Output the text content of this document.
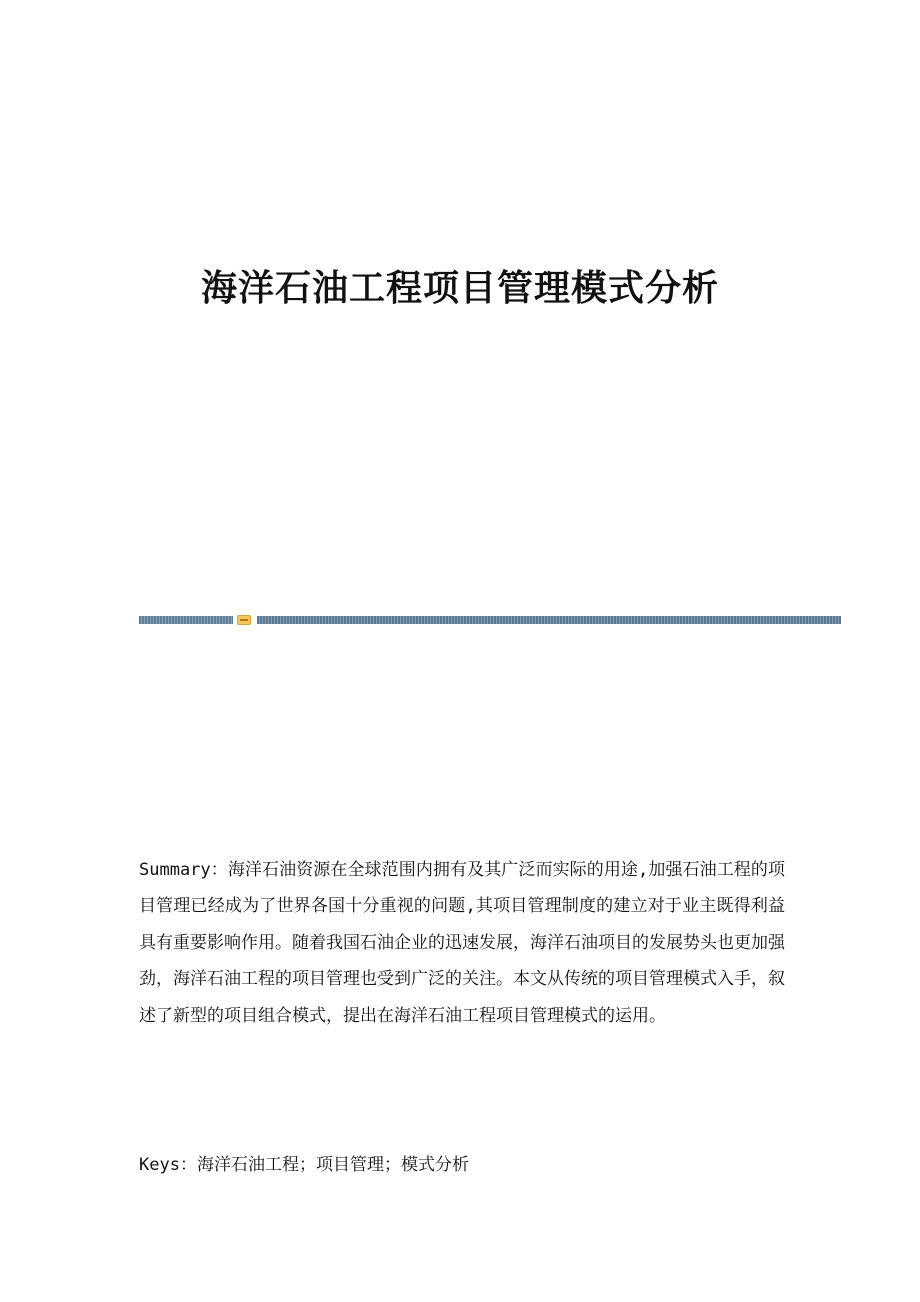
海洋石油工程项目管理模式分析

Summary：海洋石油资源在全球范围内拥有及其广泛而实际的用途,加强石油工程的项目管理已经成为了世界各国十分重视的问题,其项目管理制度的建立对于业主既得利益具有重要影响作用。随着我国石油企业的迅速发展，海洋石油项目的发展势头也更加强劲，海洋石油工程的项目管理也受到广泛的关注。本文从传统的项目管理模式入手，叙述了新型的项目组合模式，提出在海洋石油工程项目管理模式的运用。

Keys：海洋石油工程；项目管理；模式分析
